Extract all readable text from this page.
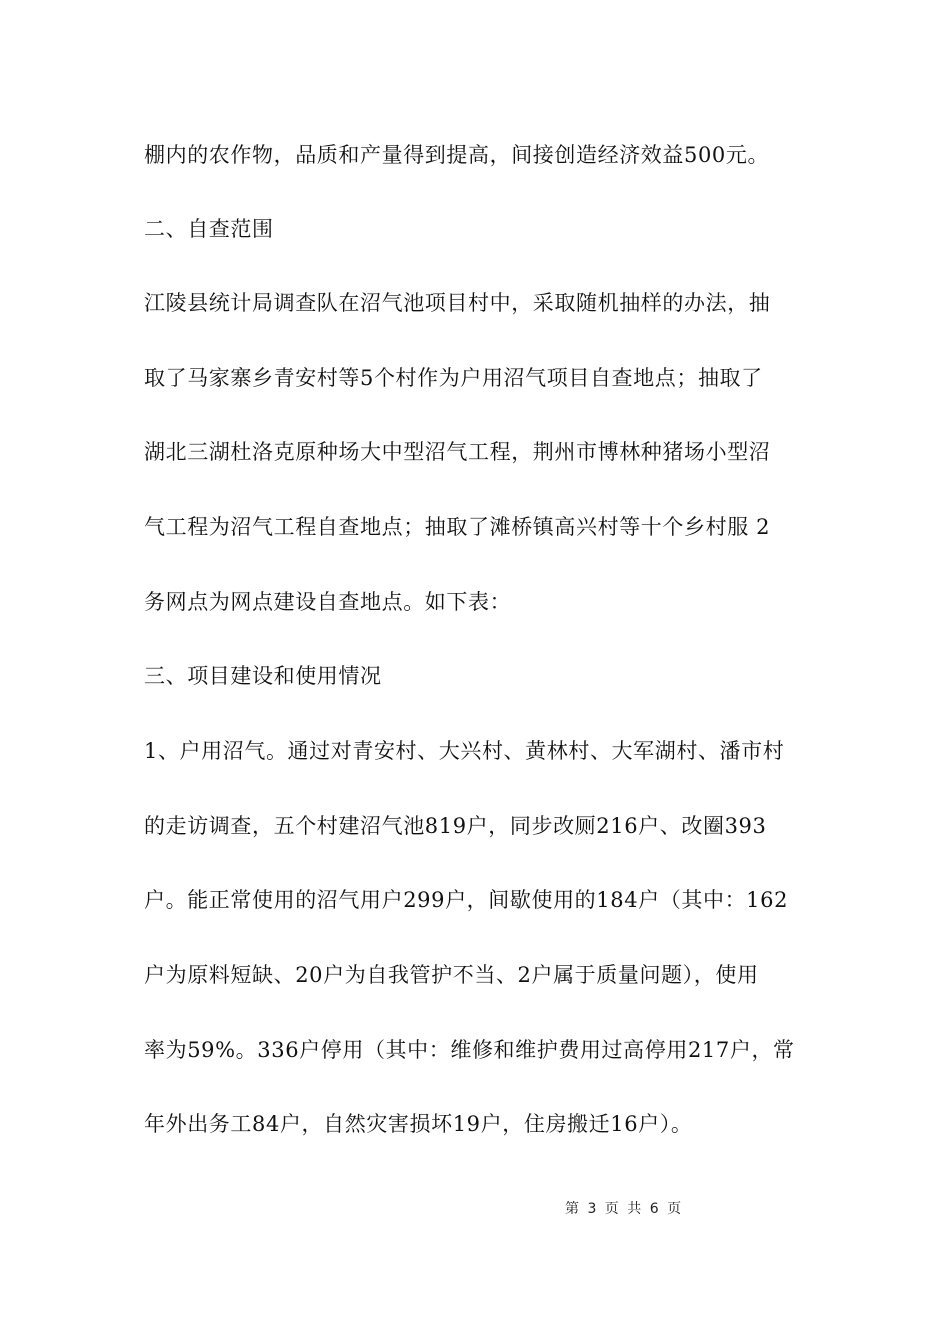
棚内的农作物，品质和产量得到提高，间接创造经济效益500元。
二、自查范围
江陵县统计局调查队在沼气池项目村中，采取随机抽样的办法，抽
取了马家寨乡青安村等5个村作为户用沼气项目自查地点；抽取了
湖北三湖杜洛克原种场大中型沼气工程，荆州市博林种猪场小型沼
气工程为沼气工程自查地点；抽取了滩桥镇高兴村等十个乡村服 2
务网点为网点建设自查地点。如下表：
三、项目建设和使用情况
1、户用沼气。通过对青安村、大兴村、黄林村、大军湖村、潘市村
的走访调查，五个村建沼气池819户，同步改厕216户、改圈393
户。能正常使用的沼气用户299户，间歇使用的184户（其中：162
户为原料短缺、20户为自我管护不当、2户属于质量问题），使用
率为59%。336户停用（其中：维修和维护费用过高停用217户，常
年外出务工84户，自然灾害损坏19户，住房搬迁16户）。
第 3 页 共 6 页
